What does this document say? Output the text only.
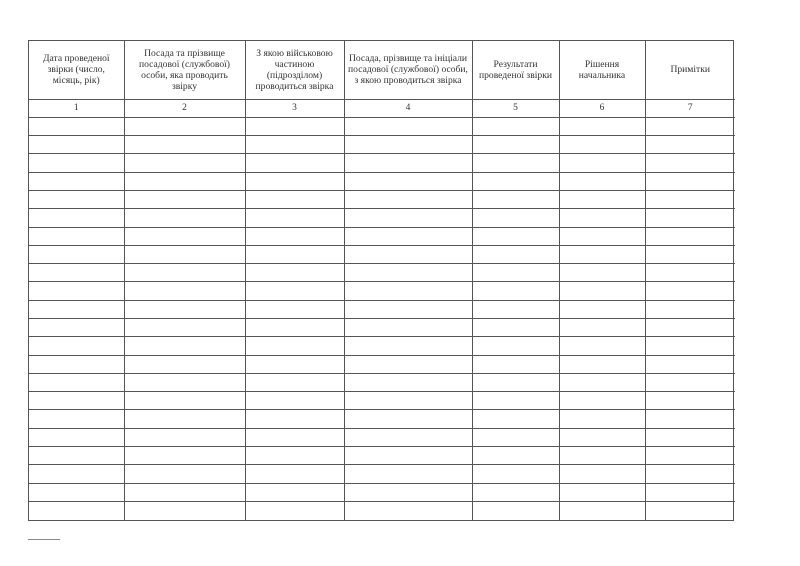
Дата проведеної звірки (число, місяць, рік)	Посада та прізвище посадової (службової) особи, яка проводить звірку	З якою військовою частиною (підрозділом) проводиться звірка	Посада, прізвище та ініціали посадової (службової) особи, з якою проводиться звірка	Результати проведеної звірки	Рішення начальника	Примітки
1	2	3	4	5	6	7
